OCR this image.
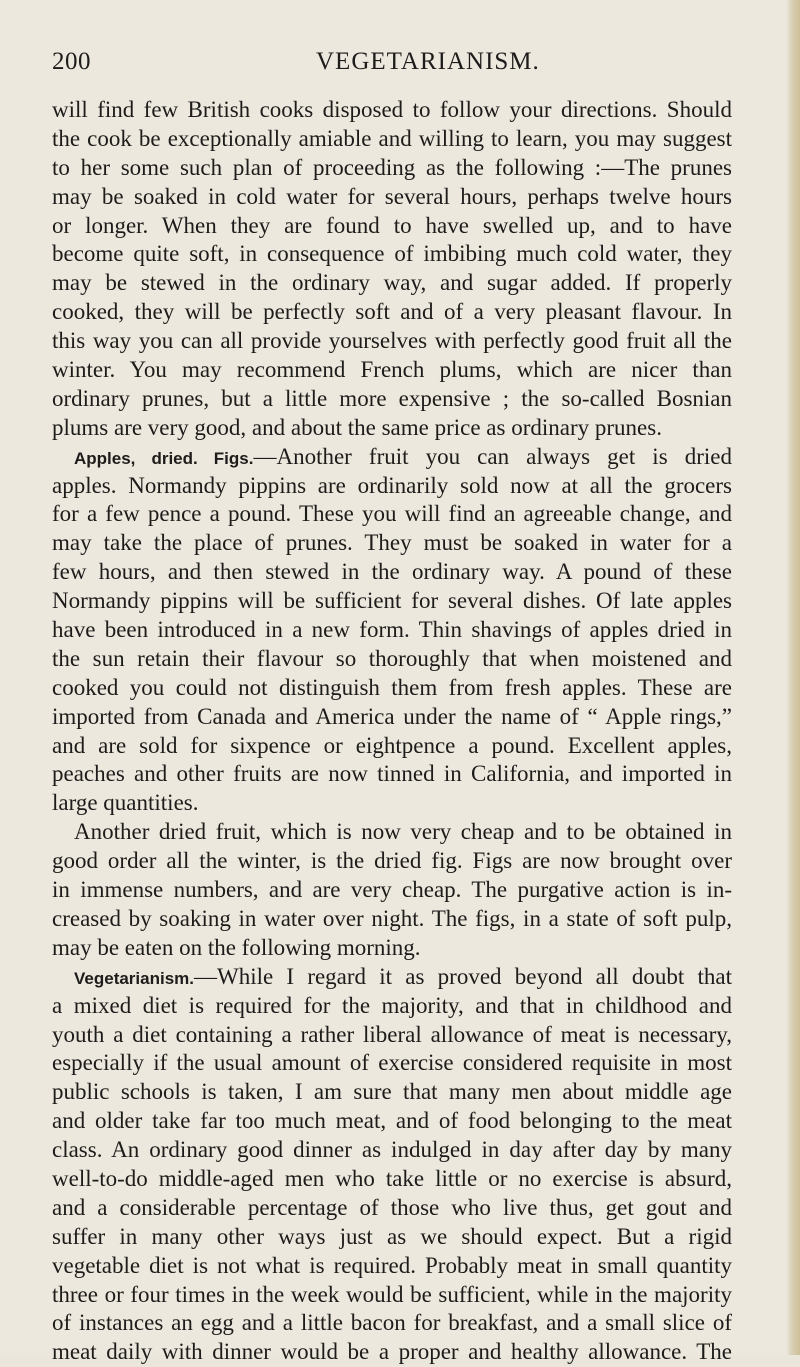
200	VEGETARIANISM.
will find few British cooks disposed to follow your directions. Should
the cook be exceptionally amiable and willing to learn, you may suggest
to her some such plan of proceeding as the following :—The prunes
may be soaked in cold water for several hours, perhaps twelve hours
or longer. When they are found to have swelled up, and to have
become quite soft, in consequence of imbibing much cold water, they
may be stewed in the ordinary way, and sugar added. If properly
cooked, they will be perfectly soft and of a very pleasant flavour. In
this way you can all provide yourselves with perfectly good fruit all the
winter. You may recommend French plums, which are nicer than
ordinary prunes, but a little more expensive ; the so-called Bosnian
plums are very good, and about the same price as ordinary prunes.
Apples, dried. Figs.—Another fruit you can always get is dried
apples. Normandy pippins are ordinarily sold now at all the grocers
for a few pence a pound. These you will find an agreeable change, and
may take the place of prunes. They must be soaked in water for a
few hours, and then stewed in the ordinary way. A pound of these
Normandy pippins will be sufficient for several dishes. Of late apples
have been introduced in a new form. Thin shavings of apples dried in
the sun retain their flavour so thoroughly that when moistened and
cooked you could not distinguish them from fresh apples. These are
imported from Canada and America under the name of “ Apple rings,”
and are sold for sixpence or eightpence a pound. Excellent apples,
peaches and other fruits are now tinned in California, and imported in
large quantities.
Another dried fruit, which is now very cheap and to be obtained in
good order all the winter, is the dried fig. Figs are now brought over
in immense numbers, and are very cheap. The purgative action is in-
creased by soaking in water over night. The figs, in a state of soft pulp,
may be eaten on the following morning.
Vegetarianism.—While I regard it as proved beyond all doubt that
a mixed diet is required for the majority, and that in childhood and
youth a diet containing a rather liberal allowance of meat is necessary,
especially if the usual amount of exercise considered requisite in most
public schools is taken, I am sure that many men about middle age
and older take far too much meat, and of food belonging to the meat
class. An ordinary good dinner as indulged in day after day by many
well-to-do middle-aged men who take little or no exercise is absurd,
and a considerable percentage of those who live thus, get gout and
suffer in many other ways just as we should expect. But a rigid
vegetable diet is not what is required. Probably meat in small quantity
three or four times in the week would be sufficient, while in the majority
of instances an egg and a little bacon for breakfast, and a small slice of
meat daily with dinner would be a proper and healthy allowance. The
